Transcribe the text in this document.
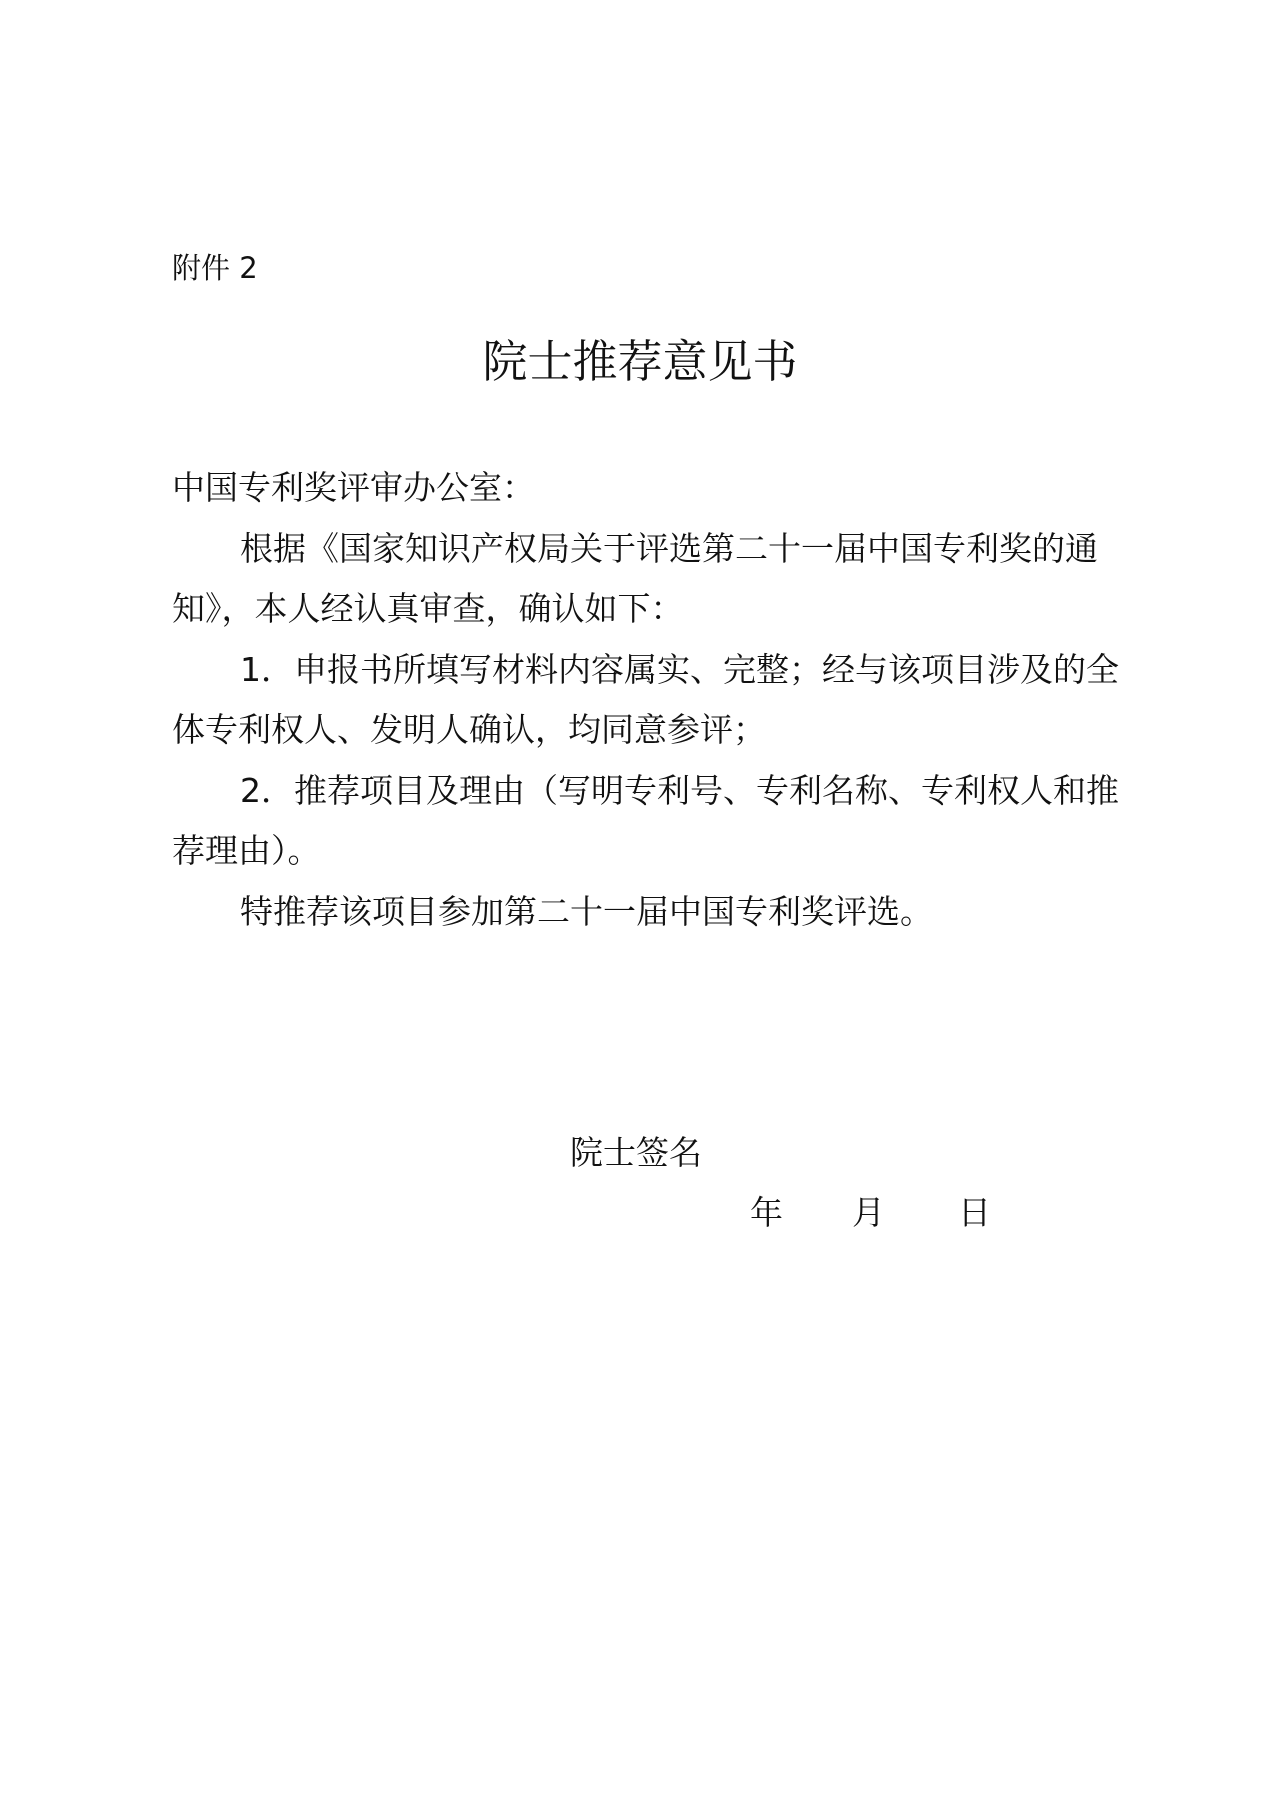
附件 2
院士推荐意见书

中国专利奖评审办公室：

根据《国家知识产权局关于评选第二十一届中国专利奖的通知》，本人经认真审查，确认如下：

1．申报书所填写材料内容属实、完整；经与该项目涉及的全体专利权人、发明人确认，均同意参评；

2．推荐项目及理由（写明专利号、专利名称、专利权人和推荐理由）。

特推荐该项目参加第二十一届中国专利奖评选。

院士签名
年 月 日
